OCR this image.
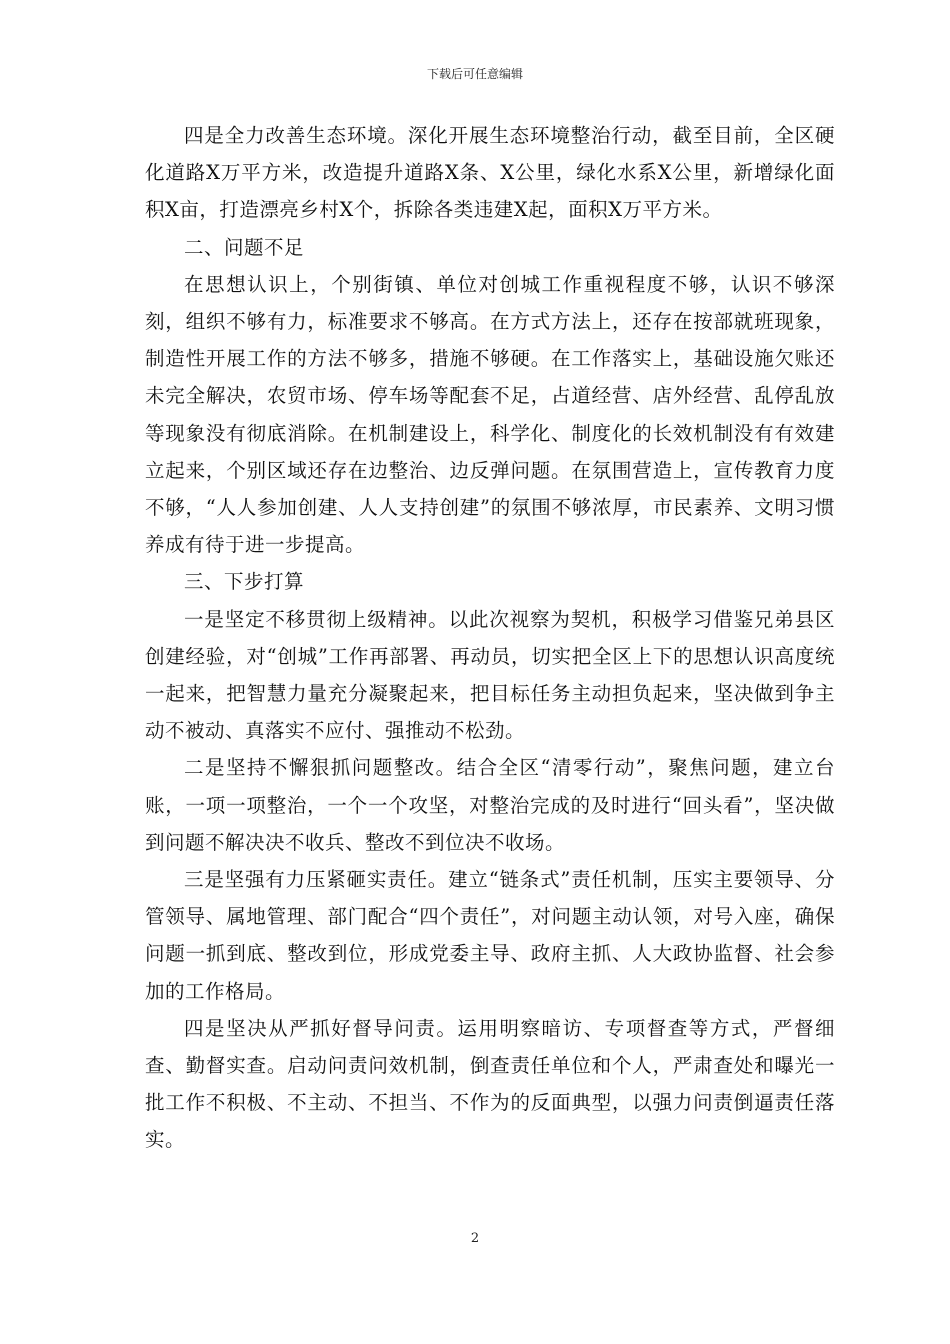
下载后可任意编辑

四是全力改善生态环境。深化开展生态环境整治行动，截至目前，全区硬化道路X万平方米，改造提升道路X条、X公里，绿化水系X公里，新增绿化面积X亩，打造漂亮乡村X个，拆除各类违建X起，面积X万平方米。

二、问题不足

在思想认识上，个别街镇、单位对创城工作重视程度不够，认识不够深刻，组织不够有力，标准要求不够高。在方式方法上，还存在按部就班现象，制造性开展工作的方法不够多，措施不够硬。在工作落实上，基础设施欠账还未完全解决，农贸市场、停车场等配套不足，占道经营、店外经营、乱停乱放等现象没有彻底消除。在机制建设上，科学化、制度化的长效机制没有有效建立起来，个别区域还存在边整治、边反弹问题。在氛围营造上，宣传教育力度不够，“人人参加创建、人人支持创建”的氛围不够浓厚，市民素养、文明习惯养成有待于进一步提高。

三、下步打算

一是坚定不移贯彻上级精神。以此次视察为契机，积极学习借鉴兄弟县区创建经验，对“创城”工作再部署、再动员，切实把全区上下的思想认识高度统一起来，把智慧力量充分凝聚起来，把目标任务主动担负起来，坚决做到争主动不被动、真落实不应付、强推动不松劲。

二是坚持不懈狠抓问题整改。结合全区“清零行动”，聚焦问题，建立台账，一项一项整治，一个一个攻坚，对整治完成的及时进行“回头看”，坚决做到问题不解决决不收兵、整改不到位决不收场。

三是坚强有力压紧砸实责任。建立“链条式”责任机制，压实主要领导、分管领导、属地管理、部门配合“四个责任”，对问题主动认领，对号入座，确保问题一抓到底、整改到位，形成党委主导、政府主抓、人大政协监督、社会参加的工作格局。

四是坚决从严抓好督导问责。运用明察暗访、专项督查等方式，严督细查、勤督实查。启动问责问效机制，倒查责任单位和个人，严肃查处和曝光一批工作不积极、不主动、不担当、不作为的反面典型，以强力问责倒逼责任落实。

2
